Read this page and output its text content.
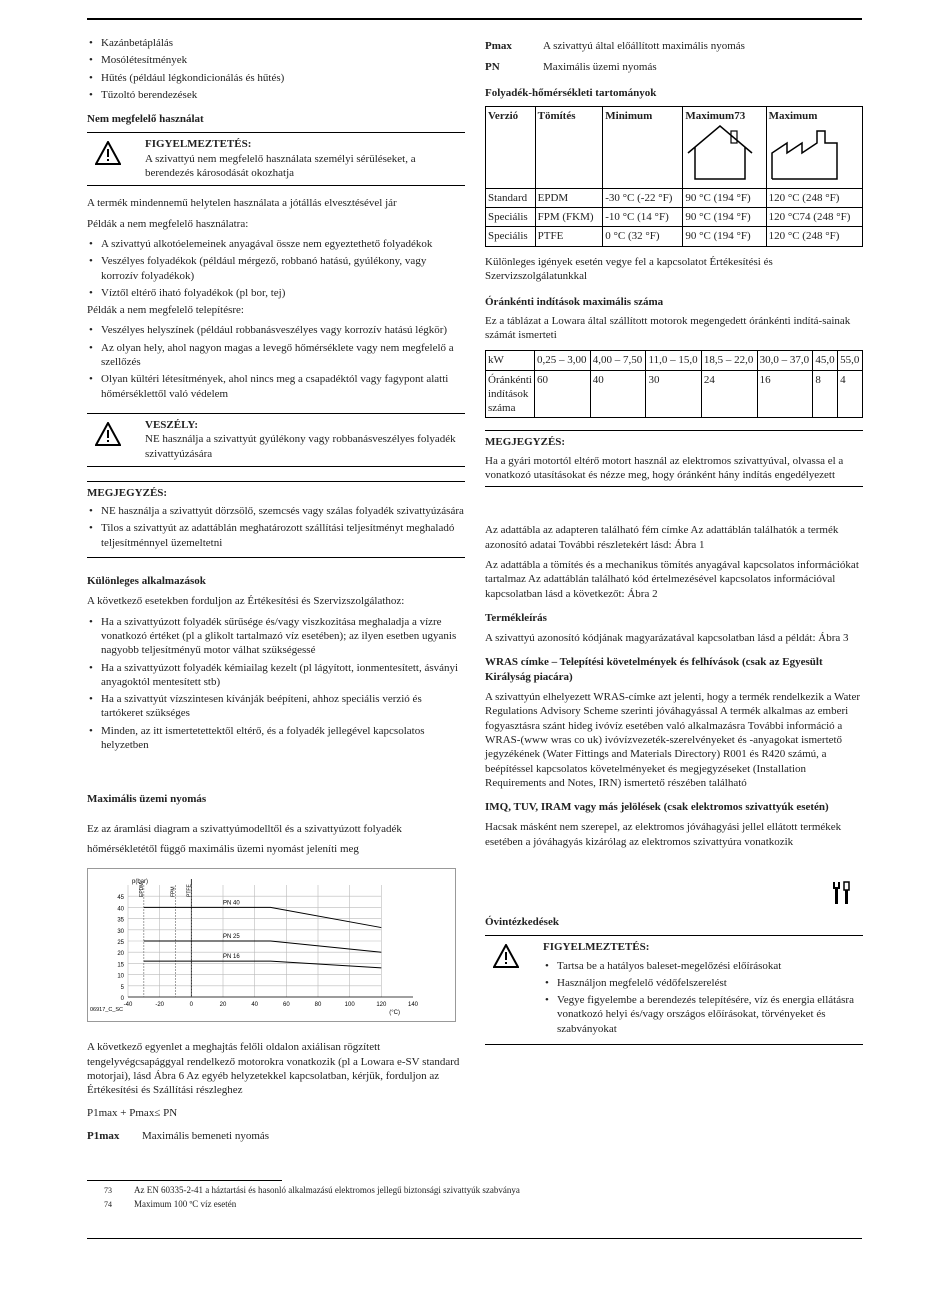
• Kazánbetáplálás
• Mosólétesítmények
• Hűtés (például légkondicionálás és hűtés)
• Tűzoltó berendezések
Nem megfelelő használat
FIGYELMEZTETÉS:
A szivattyú nem megfelelő használata személyi sérüléseket, a berendezés károsodását okozhatja

A termék mindennemű helytelen használata a jótállás elvesztésével jár

Példák a nem megfelelő használatra:

• A szivattyú alkotóelemeinek anyagával össze nem egyeztethető folyadékok
• Veszélyes folyadékok (például mérgező, robbanó hatású, gyúlékony, vagy korrozív folyadékok)
• Víztől eltérő iható folyadékok (pl bor, tej)

Példák a nem megfelelő telepítésre:

• Veszélyes helyszínek (például robbanásveszélyes vagy korrozív hatású légkör)
• Az olyan hely, ahol nagyon magas a levegő hőmérséklete vagy nem megfelelő a szellőzés
• Olyan kültéri létesítmények, ahol nincs meg a csapadéktól vagy fagypont alatti hőmérséklettől való védelem
VESZÉLY:
NE használja a szivattyút gyúlékony vagy robbanásveszélyes folyadék szivattyúzására
MEGJEGYZÉS:
• NE használja a szivattyút dörzsölő, szemcsés vagy szálas folyadék szivattyúzására
• Tilos a szivattyút az adattáblán meghatározott szállítási teljesítményt meghaladó teljesítménnyel üzemeltetni
Különleges alkalmazások

A következő esetekben forduljon az Értékesítési és Szervizszolgálathoz:

• Ha a szivattyúzott folyadék sűrűsége és/vagy viszkozitása meghaladja a vízre vonatkozó értéket (pl a glikolt tartalmazó víz esetében); az ilyen esetben ugyanis nagyobb teljesítményű motor válhat szükségessé
• Ha a szivattyúzott folyadék kémiailag kezelt (pl lágyított, ionmentesített, ásványi anyagoktól mentesített stb)
• Ha a szivattyút vízszintesen kívánják beépíteni, ahhoz speciális verzió és tartókeret szükséges
• Minden, az itt ismertetettektől eltérő, és a folyadék jellegével kapcsolatos helyzetben
Maximális üzemi nyomás

Ez az áramlási diagram a szivattyúmodelltől és a szivattyúzott folyadék hőmérsékletétől függő maximális üzemi nyomást jeleníti meg

0
5
10
15
20
25
30
35
40
45
-40	-20	0	20	40	60	80	100	120	140
p(bar)
(°C)
06917_C_SC
EPDM	FPM PTFE
PN 40
PN 25
PN 16

A következő egyenlet a meghajtás felőli oldalon axiálisan rögzített tengelyvégcsapággyal rendelkező motorokra vonatkozik (pl a Lowara e-SV standard motorjai), lásd Ábra 6 Az egyéb helyzetekkel kapcsolatban, kérjük, forduljon az Értékesítési és Szállítási részleghez

P1max + Pmax≤ PN

P1max	Maximális bemeneti nyomás
Pmax	A szivattyú által előállított maximális nyomás
PN	Maximális üzemi nyomás
Folyadék-hőmérsékleti tartományok
Verzió	Tömítés	Minimum	Maximum73	Maximum

Standard	EPDM	-30 °C (-22 °F)	90 °C (194 °F)	120 °C (248 °F)
Speciális	FPM (FKM)	-10 °C (14 °F)	90 °C (194 °F)	120 °C74 (248 °F)
Speciális	PTFE	0 °C (32 °F)	90 °C (194 °F)	120 °C (248 °F)

Különleges igények esetén vegye fel a kapcsolatot Értékesítési és Szervizszolgálatunkkal

Óránkénti indítások maximális száma

Ez a táblázat a Lowara által szállított motorok megengedett óránkénti indítá-sainak számát ismerteti

kW	0,25 – 3,00	4,00 – 7,50	11,0 – 15,0	18,5 – 22,0	30,0 – 37,0	45,0	55,0
Óránkénti indítások száma	60	40	30	24	16	8	4
MEGJEGYZÉS:
Ha a gyári motortól eltérő motort használ az elektromos szivattyúval, olvassa el a vonatkozó utasításokat és nézze meg, hogy óránként hány indítás engedélyezett

Az adattábla az adapteren található fém címke Az adattáblán találhatók a termék azonosító adatai További részletekért lásd: Ábra 1

Az adattábla a tömítés és a mechanikus tömítés anyagával kapcsolatos információkat tartalmaz Az adattáblán található kód értelmezésével kapcsolatos információval kapcsolatban lásd a következőt: Ábra 2

Termékleírás

A szivattyú azonosító kódjának magyarázatával kapcsolatban lásd a példát: Ábra 3

WRAS címke – Telepítési követelmények és felhívások (csak az Egyesült Királyság piacára)

A szivattyún elhelyezett WRAS-címke azt jelenti, hogy a termék rendelkezik a Water Regulations Advisory Scheme szerinti jóváhagyással A termék alkalmas az emberi fogyasztásra szánt hideg ivóvíz esetében való alkalmazásra További információ a WRAS-(www wras co uk) ivóvízvezeték-szerelvényeket és -anyagokat ismertető jegyzékének (Water Fittings and Materials Directory) R001 és R420 számú, a beépítéssel kapcsolatos követelményeket és megjegyzéseket (Installation Requirements and Notes, IRN) ismertető részében található

IMQ, TUV, IRAM vagy más jelölések (csak elektromos szivattyúk esetén)

Hacsak másként nem szerepel, az elektromos jóváhagyási jellel ellátott termékek esetében a jóváhagyás kizárólag az elektromos szivattyúra vonatkozik

Óvintézkedések
FIGYELMEZTETÉS:
• Tartsa be a hatályos baleset-megelőzési előírásokat
• Használjon megfelelő védőfelszerelést
• Vegye figyelembe a berendezés telepítésére, víz és energia ellátásra vonatkozó helyi és/vagy országos előírásokat, törvényeket és szabványokat
73 Az EN 60335-2-41 a háztartási és hasonló alkalmazású elektromos jellegű biztonsági szivattyúk szabványa
74 Maximum 100 ºC víz esetén
